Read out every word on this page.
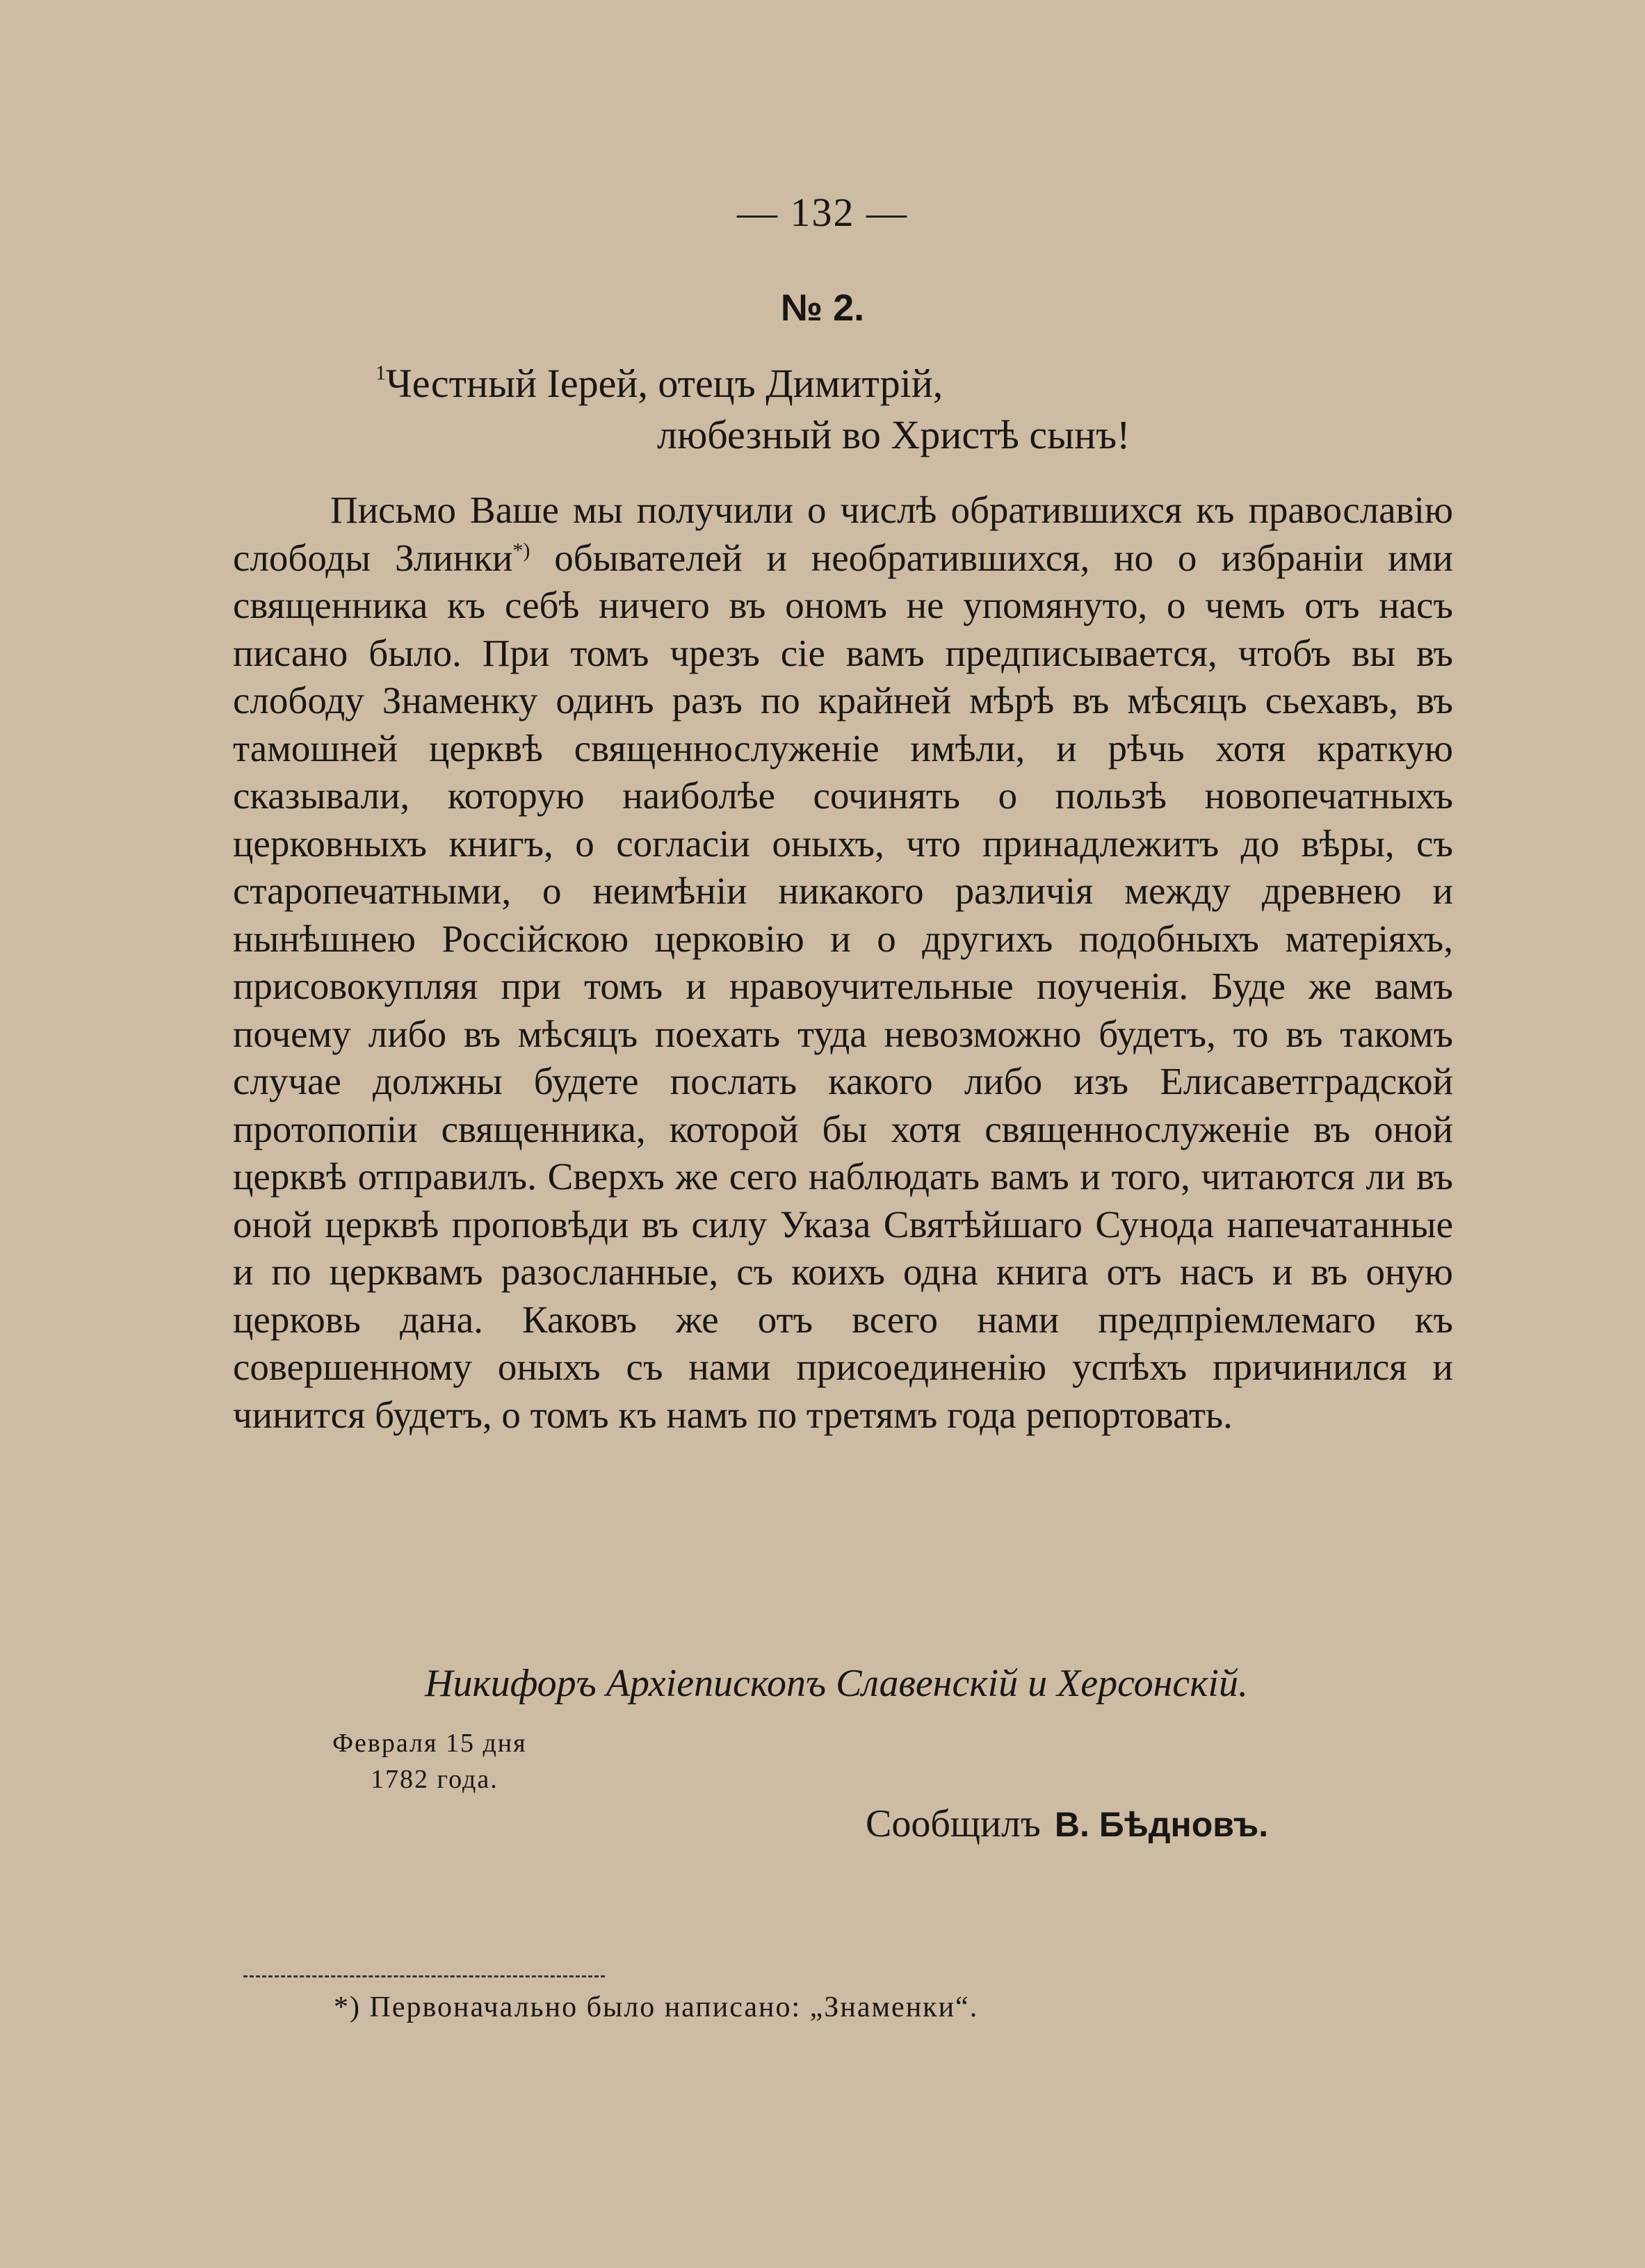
— 132 —
№ 2.
$^1$Честный Іерей, отецъ Димитрій,
любезный во Христѣ сынъ!

Письмо Ваше мы получили о числѣ обратившихся къ православію слободы Злинки*) обывателей и необратившихся, но о избраніи ими священника къ себѣ ничего въ ономъ не упомянуто, о чемъ отъ насъ писано было. При томъ чрезъ сіе вамъ предписывается, чтобъ вы въ слободу Знаменку одинъ разъ по крайней мѣрѣ въ мѣсяцъ сьехавъ, въ тамошней церквѣ священнослуженіе имѣли, и рѣчь хотя краткую сказывали, которую наиболѣе сочинять о пользѣ новопечатныхъ церковныхъ книгъ, о согласіи оныхъ, что принадлежитъ до вѣры, съ старопечатными, о неимѣніи никакого различія между древнею и нынѣшнею Россійскою церковію и о другихъ подобныхъ матеріяхъ, присовокупляя при томъ и нравоучительные поученія. Буде же вамъ почему либо въ мѣсяцъ поехать туда невозможно будетъ, то въ такомъ случае должны будете послать какого либо изъ Елисаветградской протопопіи священника, которой бы хотя священнослуженіе въ оной церквѣ отправилъ. Сверхъ же сего наблюдать вамъ и того, читаются ли въ оной церквѣ проповѣди въ силу Указа Святѣйшаго Сунода напечатанные и по церквамъ разосланные, съ коихъ одна книга отъ насъ и въ оную церковь дана. Каковъ же отъ всего нами предпріемлемаго къ совершенному оныхъ съ нами присоединенію успѣхъ причинился и чинится будетъ, о томъ къ намъ по третямъ года репортовать.

Никифоръ Архіепископъ Славенскій и Херсонскій.
Февраля 15 дня
1782 года.
Сообщилъ В. Бѣдновъ.
*) Первоначально было написано: „Знаменки“.
